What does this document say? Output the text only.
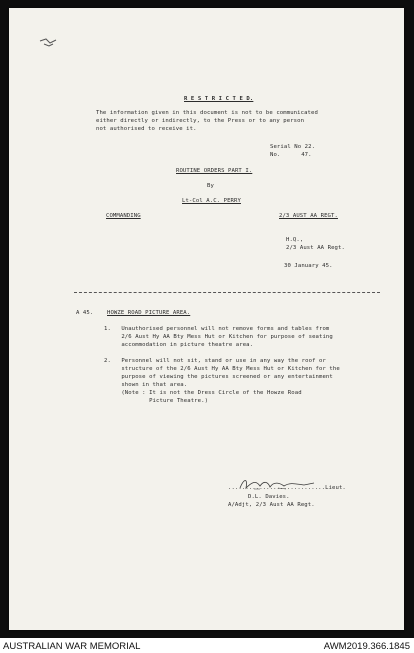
R E S T R I C T E D.
The information given in this document is not to be communicated
either directly or indirectly, to the Press or to any person
not authorised to receive it.
Serial No 22.
No.      47.
ROUTINE ORDERS PART I.
By
Lt-Col A.C. PERRY
COMMANDING	2/3 AUST AA REGT.
H.Q.,
2/3 Aust AA Regt.
30 January 45.
A 45. HOWZE ROAD PICTURE AREA.
1.   Unauthorised personnel will not remove forms and tables from
2/6 Aust Hy AA Bty Mess Hut or Kitchen for purpose of seating
accommodation in picture theatre area.
2.   Personnel will not sit, stand or use in any way the roof or
structure of the 2/6 Aust Hy AA Bty Mess Hut or Kitchen for the
purpose of viewing the pictures screened or any entertainment
shown in that area.
(Note : It is not the Dress Circle of the Howze Road
Picture Theatre.)
............................Lieut.
D.L. Davies.
A/Adjt, 2/3 Aust AA Regt.
AUSTRALIAN WAR MEMORIAL	AWM2019.366.1845
